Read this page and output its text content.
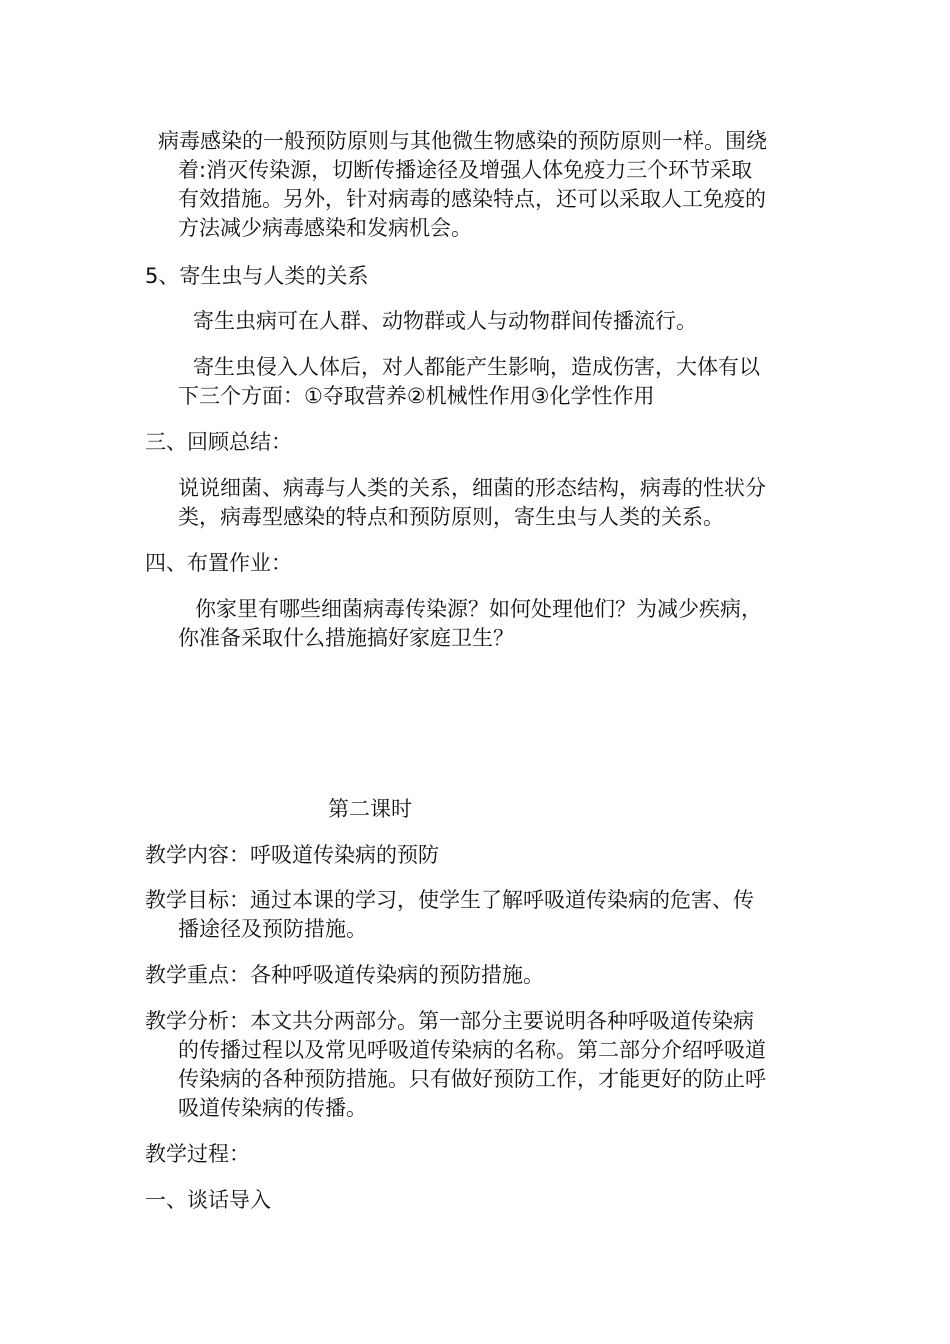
病毒感染的一般预防原则与其他微生物感染的预防原则一样。围绕
着:消灭传染源，切断传播途径及增强人体免疫力三个环节采取
有效措施。另外，针对病毒的感染特点，还可以采取人工免疫的
方法减少病毒感染和发病机会。
5、寄生虫与人类的关系
寄生虫病可在人群、动物群或人与动物群间传播流行。
寄生虫侵入人体后，对人都能产生影响，造成伤害，大体有以
下三个方面：①夺取营养②机械性作用③化学性作用
三、回顾总结：
说说细菌、病毒与人类的关系，细菌的形态结构，病毒的性状分
类，病毒型感染的特点和预防原则，寄生虫与人类的关系。
四、布置作业：
你家里有哪些细菌病毒传染源？如何处理他们？为减少疾病，
你准备采取什么措施搞好家庭卫生？
第二课时
教学内容：呼吸道传染病的预防
教学目标：通过本课的学习，使学生了解呼吸道传染病的危害、传
播途径及预防措施。
教学重点：各种呼吸道传染病的预防措施。
教学分析：本文共分两部分。第一部分主要说明各种呼吸道传染病
的传播过程以及常见呼吸道传染病的名称。第二部分介绍呼吸道
传染病的各种预防措施。只有做好预防工作，才能更好的防止呼
吸道传染病的传播。
教学过程：
一、谈话导入
